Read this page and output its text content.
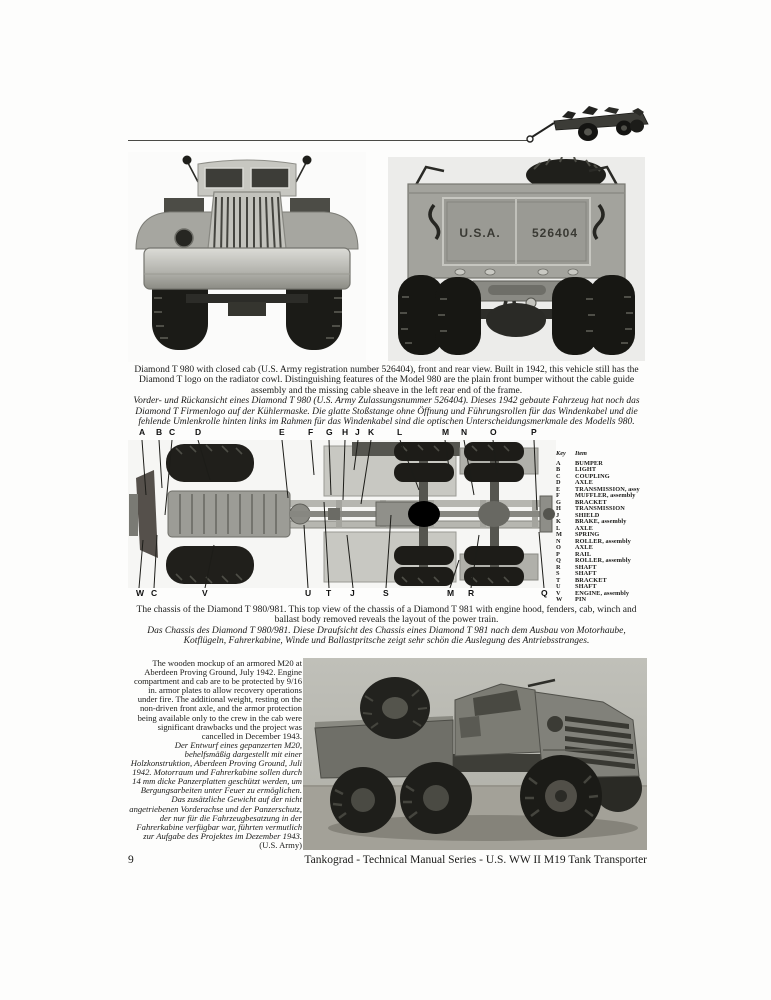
U.S.A.	526404

Diamond T 980 with closed cab (U.S. Army registration number 526404), front and rear view. Built in 1942, this vehicle still has the Diamond T logo on the radiator cowl. Distinguishing features of the Model 980 are the plain front bumper without the cable guide assembly and the missing cable sheave in the left rear end of the frame.

Vorder- und Rückansicht eines Diamond T 980 (U.S. Army Zulassungsnummer 526404). Dieses 1942 gebaute Fahrzeug hat noch das Diamond T Firmenlogo auf der Kühlermaske. Die glatte Stoßstange ohne Öffnung und Führungsrollen für das Windenkabel und die fehlende Umlenkrolle hinten links im Rahmen für das Windenkabel sind die optischen Unterscheidungsmerkmale des Modells 980.

A B C D	E	F G H J K	L	M N	O	P
W C	V	U T J	S	M R	Q
Key	Item
A	BUMPER
B	LIGHT
C	COUPLING
D	AXLE
E	TRANSMISSION, assy
F	MUFFLER, assembly
G	BRACKET
H	TRANSMISSION
J	SHIELD
K	BRAKE, assembly
L	AXLE
M	SPRING
N	ROLLER, assembly
O	AXLE
P	RAIL
Q	ROLLER, assembly
R	SHAFT
S	SHAFT
T	BRACKET
U	SHAFT
V	ENGINE, assembly
W	PIN

The chassis of the Diamond T 980/981. This top view of the chassis of a Diamond T 981 with engine hood, fenders, cab, winch and ballast body removed reveals the layout of the power train.

Das Chassis des Diamond T 980/981. Diese Draufsicht des Chassis eines Diamond T 981 nach dem Ausbau von Motorhaube, Kotflügeln, Fahrerkabine, Winde und Ballastpritsche zeigt sehr schön die Auslegung des Antriebsstranges.

The wooden mockup of an armored M20 at Aberdeen Proving Ground, July 1942. Engine compartment and cab are to be protected by 9/16 in. armor plates to allow recovery operations under fire. The additional weight, resting on the non-driven front axle, and the armor protection being available only to the crew in the cab were significant drawbacks und the project was cancelled in December 1943.

Der Entwurf eines gepanzerten M20, behelfsmäßig dargestellt mit einer Holzkonstruktion, Aberdeen Proving Ground, Juli 1942. Motorraum und Fahrerkabine sollen durch 14 mm dicke Panzerplatten geschützt werden, um Bergungsarbeiten unter Feuer zu ermöglichen. Das zusätzliche Gewicht auf der nicht angetriebenen Vorderachse und der Panzerschutz, der nur für die Fahrzeugbesatzung in der Fahrerkabine verfügbar war, führten vermutlich zur Aufgabe des Projektes im Dezember 1943. (U.S. Army)

9	Tankograd - Technical Manual Series - U.S. WW II M19 Tank Transporter
